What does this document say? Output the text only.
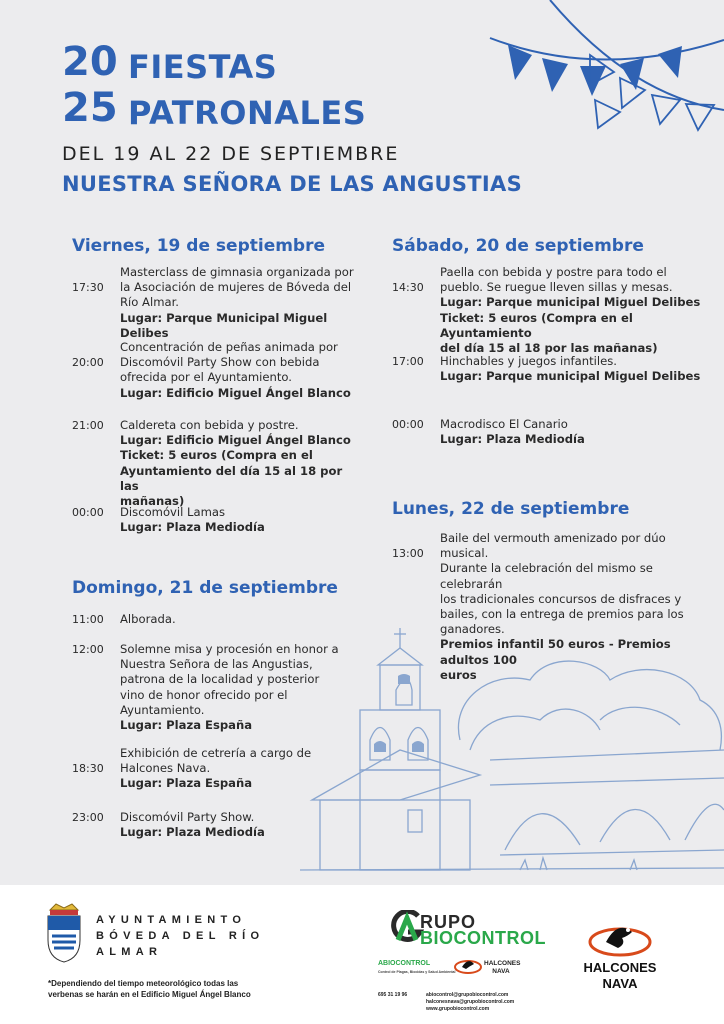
20
25
FIESTAS
PATRONALES
DEL 19 AL 22 DE SEPTIEMBRE
NUESTRA SEÑORA DE LAS ANGUSTIAS
Viernes, 19 de septiembre
17:30
Masterclass de gimnasia organizada por
la Asociación de mujeres de Bóveda del
Río Almar.
Lugar: Parque Municipal Miguel Delibes
20:00
Concentración de peñas animada por
Discomóvil Party Show con bebida
ofrecida por el Ayuntamiento.
Lugar: Edificio Miguel Ángel Blanco
21:00 Caldereta con bebida y postre.
Lugar: Edificio Miguel Ángel Blanco
Ticket: 5 euros (Compra en el
Ayuntamiento del día 15 al 18 por las
mañanas)
00:00 Discomóvil Lamas
Lugar: Plaza Mediodía
Domingo, 21 de septiembre
11:00 Alborada.
12:00 Solemne misa y procesión en honor a
Nuestra Señora de las Angustias,
patrona de la localidad y posterior
vino de honor ofrecido por el
Ayuntamiento.
Lugar: Plaza España
18:30
Exhibición de cetrería a cargo de
Halcones Nava.
Lugar: Plaza España
23:00 Discomóvil Party Show.
Lugar: Plaza Mediodía
Sábado, 20 de septiembre
14:30
Paella con bebida y postre para todo el
pueblo. Se ruegue lleven sillas y mesas.
Lugar: Parque municipal Miguel Delibes
Ticket: 5 euros (Compra en el Ayuntamiento
del día 15 al 18 por las mañanas)
17:00 Hinchables y juegos infantiles.
Lugar: Parque municipal Miguel Delibes
00:00 Macrodisco El Canario
Lugar: Plaza Mediodía
Lunes, 22 de septiembre
13:00
Baile del vermouth amenizado por dúo musical.
Durante la celebración del mismo se celebrarán
los tradicionales concursos de disfraces y
bailes, con la entrega de premios para los
ganadores.
Premios infantil 50 euros - Premios adultos 100
euros
AYUNTAMIENTO
BÓVEDA DEL RÍO
ALMAR
*Dependiendo del tiempo meteorológico todas las
verbenas se harán en el Edificio Miguel Ángel Blanco
RUPO
BIOCONTROL
ABIOCONTROL
Control de Plagas, Biocidas y Salud Ambiental
HALCONES
NAVA
695 31 19 96	abiocontrol@grupobiocontrol.com
halconesnava@grupobiocontrol.com
www.grupobiocontrol.com
HALCONES
NAVA
